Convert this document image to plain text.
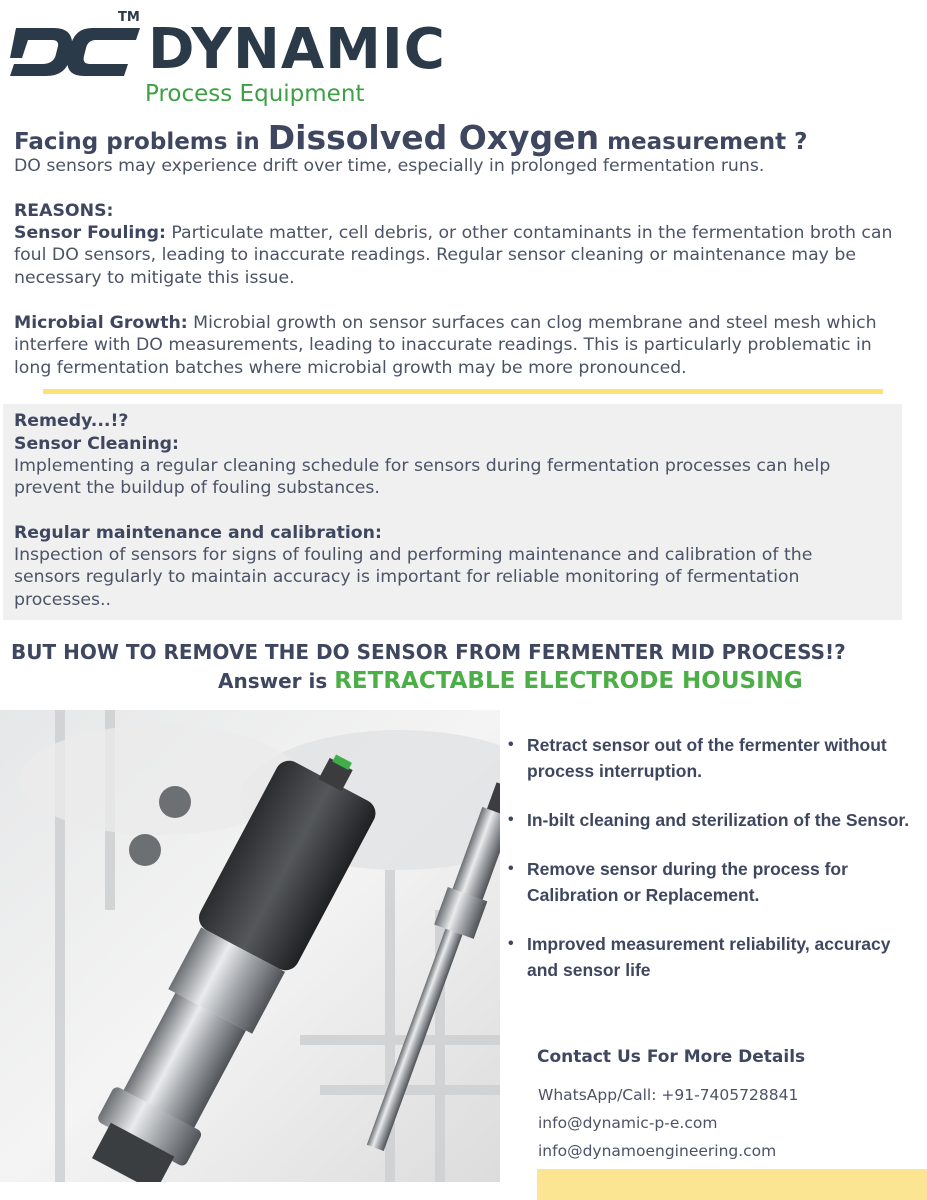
TM DYNAMIC
Process Equipment
Facing problems in Dissolved Oxygen measurement ?

DO sensors may experience drift over time, especially in prolonged fermentation runs.

REASONS:

Sensor Fouling: Particulate matter, cell debris, or other contaminants in the fermentation broth can foul DO sensors, leading to inaccurate readings. Regular sensor cleaning or maintenance may be necessary to mitigate this issue.

Microbial Growth: Microbial growth on sensor surfaces can clog membrane and steel mesh which interfere with DO measurements, leading to inaccurate readings. This is particularly problematic in long fermentation batches where microbial growth may be more pronounced.

Remedy...!?

Sensor Cleaning:

Implementing a regular cleaning schedule for sensors during fermentation processes can help prevent the buildup of fouling substances.

Regular maintenance and calibration:

Inspection of sensors for signs of fouling and performing maintenance and calibration of the sensors regularly to maintain accuracy is important for reliable monitoring of fermentation processes..

BUT HOW TO REMOVE THE DO SENSOR FROM FERMENTER MID PROCESS!?
Answer is RETRACTABLE ELECTRODE HOUSING
• Retract sensor out of the fermenter without process interruption.
• In-bilt cleaning and sterilization of the Sensor.
• Remove sensor during the process for Calibration or Replacement.
• Improved measurement reliability, accuracy and sensor life
Contact Us For More Details
WhatsApp/Call: +91-7405728841
info@dynamic-p-e.com
info@dynamoengineering.com
